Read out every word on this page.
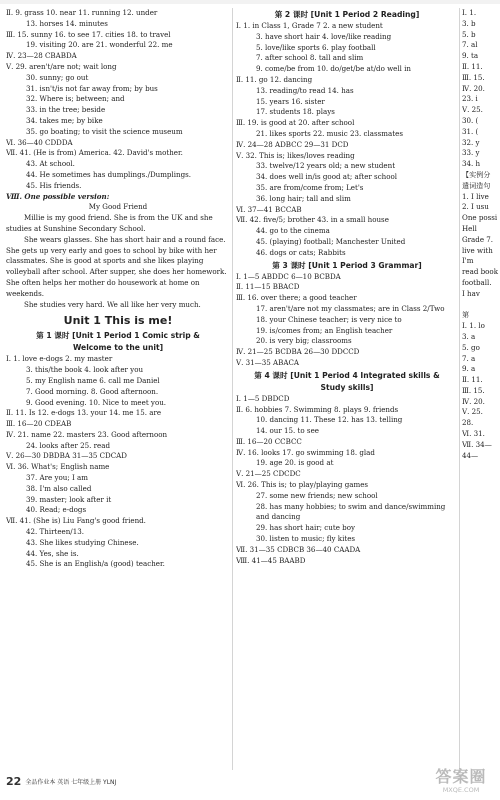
Ⅱ. 9. grass 10. near 11. running 12. under
13. horses 14. minutes
Ⅲ. 15. sunny 16. to see 17. cities 18. to travel
19. visiting 20. are 21. wonderful 22. me
Ⅳ. 23—28 CBABDA
Ⅴ. 29. aren't/are not; wait long
30. sunny; go out
31. isn't/is not far away from; by bus
32. Where is; between; and
33. in the tree; beside
34. takes me; by bike
35. go boating; to visit the science museum
Ⅵ. 36—40 CDDDA
Ⅶ. 41. (He is from) America. 42. David's mother.
43. At school.
44. He sometimes has dumplings./Dumplings.
45. His friends.
Ⅷ. One possible version:
My Good Friend
Millie is my good friend. She is from the UK and she studies at Sunshine Secondary School.
She wears glasses. She has short hair and a round face. She gets up very early and goes to school by bike with her classmates. She is good at sports and she likes playing volleyball after school. After supper, she does her homework. She often helps her mother do housework at home on weekends.
She studies very hard. We all like her very much.
Unit 1 This is me!
第 1 课时 [Unit 1 Period 1 Comic strip &
Welcome to the unit]
Ⅰ. 1. love e-dogs 2. my master
3. this/the book 4. look after you
5. my English name 6. call me Daniel
7. Good morning. 8. Good afternoon.
9. Good evening. 10. Nice to meet you.
Ⅱ. 11. Is 12. e-dogs 13. your 14. me 15. are
Ⅲ. 16—20 CDEAB
Ⅳ. 21. name 22. masters 23. Good afternoon
24. looks after 25. read
Ⅴ. 26—30 DBDBA 31—35 CDCAD
Ⅵ. 36. What's; English name
37. Are you; I am
38. I'm also called
39. master; look after it
40. Read; e-dogs
Ⅶ. 41. (She is) Liu Fang's good friend.
42. Thirteen/13.
43. She likes studying Chinese.
44. Yes, she is.
45. She is an English/a (good) teacher.
第 2 课时 [Unit 1 Period 2 Reading]
Ⅰ. 1. in Class 1, Grade 7 2. a new student
3. have short hair 4. love/like reading
5. love/like sports 6. play football
7. after school 8. tall and slim
9. come/be from 10. do/get/be at/do well in
Ⅱ. 11. go 12. dancing
13. reading/to read 14. has
15. years 16. sister
17. students 18. plays
Ⅲ. 19. is good at 20. after school
21. likes sports 22. music 23. classmates
Ⅳ. 24—28 ADBCC 29—31 DCD
Ⅴ. 32. This is; likes/loves reading
33. twelve/12 years old; a new student
34. does well in/is good at; after school
35. are from/come from; Let's
36. long hair; tall and slim
Ⅵ. 37—41 BCCAB
Ⅶ. 42. five/5; brother 43. in a small house
44. go to the cinema
45. (playing) football; Manchester United
46. dogs or cats; Rabbits
第 3 课时 [Unit 1 Period 3 Grammar]
Ⅰ. 1—5 ABDDC 6—10 BCBDA
Ⅱ. 11—15 BBACD
Ⅲ. 16. over there; a good teacher
17. aren't/are not my classmates; are in Class 2/Two
18. your Chinese teacher; is very nice to
19. is/comes from; an English teacher
20. is very big; classrooms
Ⅳ. 21—25 BCDBA 26—30 DDCCD
Ⅴ. 31—35 ABACA
第 4 课时 [Unit 1 Period 4 Integrated skills &
Study skills]
Ⅰ. 1—5 DBDCD
Ⅱ. 6. hobbies 7. Swimming 8. plays 9. friends
10. dancing 11. These 12. has 13. telling
14. our 15. to see
Ⅲ. 16—20 CCBCC
Ⅳ. 16. looks 17. go swimming 18. glad
19. age 20. is good at
Ⅴ. 21—25 CDCDC
Ⅵ. 26. This is; to play/playing games
27. some new friends; new school
28. has many hobbies; to swim and dance/swimming
and dancing
29. has short hair; cute boy
30. listen to music; fly kites
Ⅶ. 31—35 CDBCB 36—40 CAADA
Ⅷ. 41—45 BAABD
Ⅰ. 1.
3. b
5. b
7. al
9. ta
Ⅱ. 11.
Ⅲ. 15.
Ⅳ. 20.
23. i
Ⅴ. 25.
30. (
31. (
32. y
33. y
34. h
【实例分
遣词造句
1. I live
2. I usu
One possi
Hell
Grade 7.
live with
I'm
read book
football.
I hav

第
Ⅰ. 1. lo
3. a
5. go
7. a
9. a
Ⅱ. 11.
Ⅲ. 15.
Ⅳ. 20.
Ⅴ. 25.
28.
Ⅵ. 31.
Ⅶ. 34—
44—
22 全品作业本 英语 七年级上册 YLNJ	答案圈
MXQE.COM
